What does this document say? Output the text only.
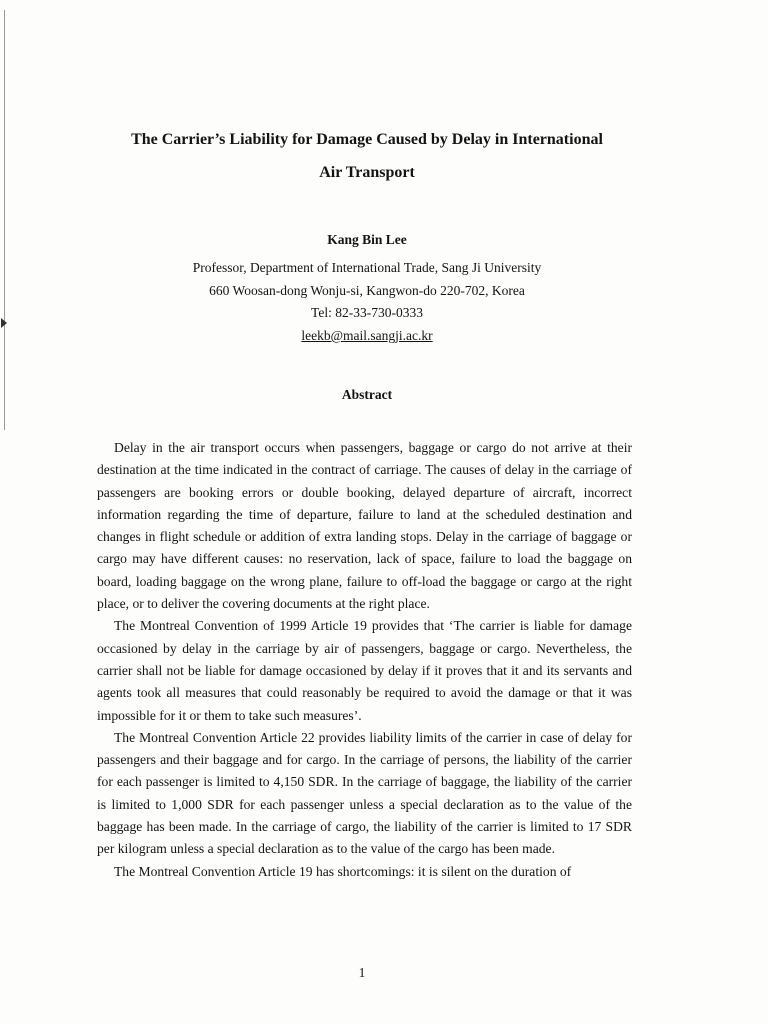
The Carrier’s Liability for Damage Caused by Delay in International
Air Transport
Kang Bin Lee
Professor, Department of International Trade, Sang Ji University
660 Woosan-dong Wonju-si, Kangwon-do 220-702, Korea
Tel: 82-33-730-0333
leekb@mail.sangji.ac.kr
Abstract

Delay in the air transport occurs when passengers, baggage or cargo do not arrive at their destination at the time indicated in the contract of carriage. The causes of delay in the carriage of passengers are booking errors or double booking, delayed departure of aircraft, incorrect information regarding the time of departure, failure to land at the scheduled destination and changes in flight schedule or addition of extra landing stops. Delay in the carriage of baggage or cargo may have different causes: no reservation, lack of space, failure to load the baggage on board, loading baggage on the wrong plane, failure to off-load the baggage or cargo at the right place, or to deliver the covering documents at the right place.

The Montreal Convention of 1999 Article 19 provides that ‘The carrier is liable for damage occasioned by delay in the carriage by air of passengers, baggage or cargo. Nevertheless, the carrier shall not be liable for damage occasioned by delay if it proves that it and its servants and agents took all measures that could reasonably be required to avoid the damage or that it was impossible for it or them to take such measures’.

The Montreal Convention Article 22 provides liability limits of the carrier in case of delay for passengers and their baggage and for cargo. In the carriage of persons, the liability of the carrier for each passenger is limited to 4,150 SDR. In the carriage of baggage, the liability of the carrier is limited to 1,000 SDR for each passenger unless a special declaration as to the value of the baggage has been made. In the carriage of cargo, the liability of the carrier is limited to 17 SDR per kilogram unless a special declaration as to the value of the cargo has been made.

The Montreal Convention Article 19 has shortcomings: it is silent on the duration of

1
